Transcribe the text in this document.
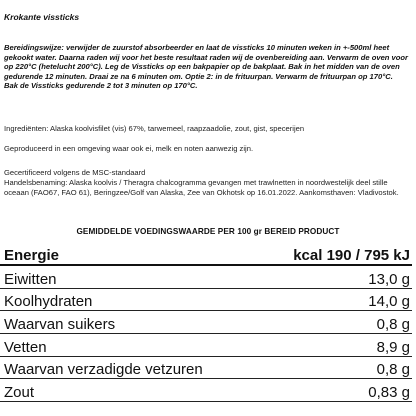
Krokante vissticks

Bereidingswijze: verwijder de zuurstof absorbeerder en laat de vissticks 10 minuten weken in +-500ml heet gekookt water. Daarna raden wij voor het beste resultaat raden wij de ovenbereiding aan. Verwarm de oven voor op 220°C (hetelucht 200°C). Leg de Vissticks op een bakpapier op de bakplaat. Bak in het midden van de oven gedurende 12 minuten. Draai ze na 6 minuten om. Optie 2: in de frituurpan. Verwarm de frituurpan op 170°C. Bak de Vissticks gedurende 2 tot 3 minuten op 170°C.

Ingrediënten: Alaska koolvisfilet (vis) 67%, tarwemeel, raapzaadolie, zout, gist, specerijen

Geproduceerd in een omgeving waar ook ei, melk en noten aanwezig zijn.

Gecertificeerd volgens de MSC-standaard

Handelsbenaming: Alaska koolvis / Theragra chalcogramma gevangen met trawlnetten in noordwestelijk deel stille oceaan (FAO67, FAO 61), Beringzee/Golf van Alaska, Zee van Okhotsk op 16.01.2022. Aankomsthaven: Vladivostok.

GEMIDDELDE VOEDINGSWAARDE PER 100 gr BEREID PRODUCT
Energie	kcal 190 / 795 kJ
Eiwitten	13,0 g
Koolhydraten	14,0 g
Waarvan suikers	0,8 g
Vetten	8,9 g
Waarvan verzadigde vetzuren	0,8 g
Zout	0,83 g
